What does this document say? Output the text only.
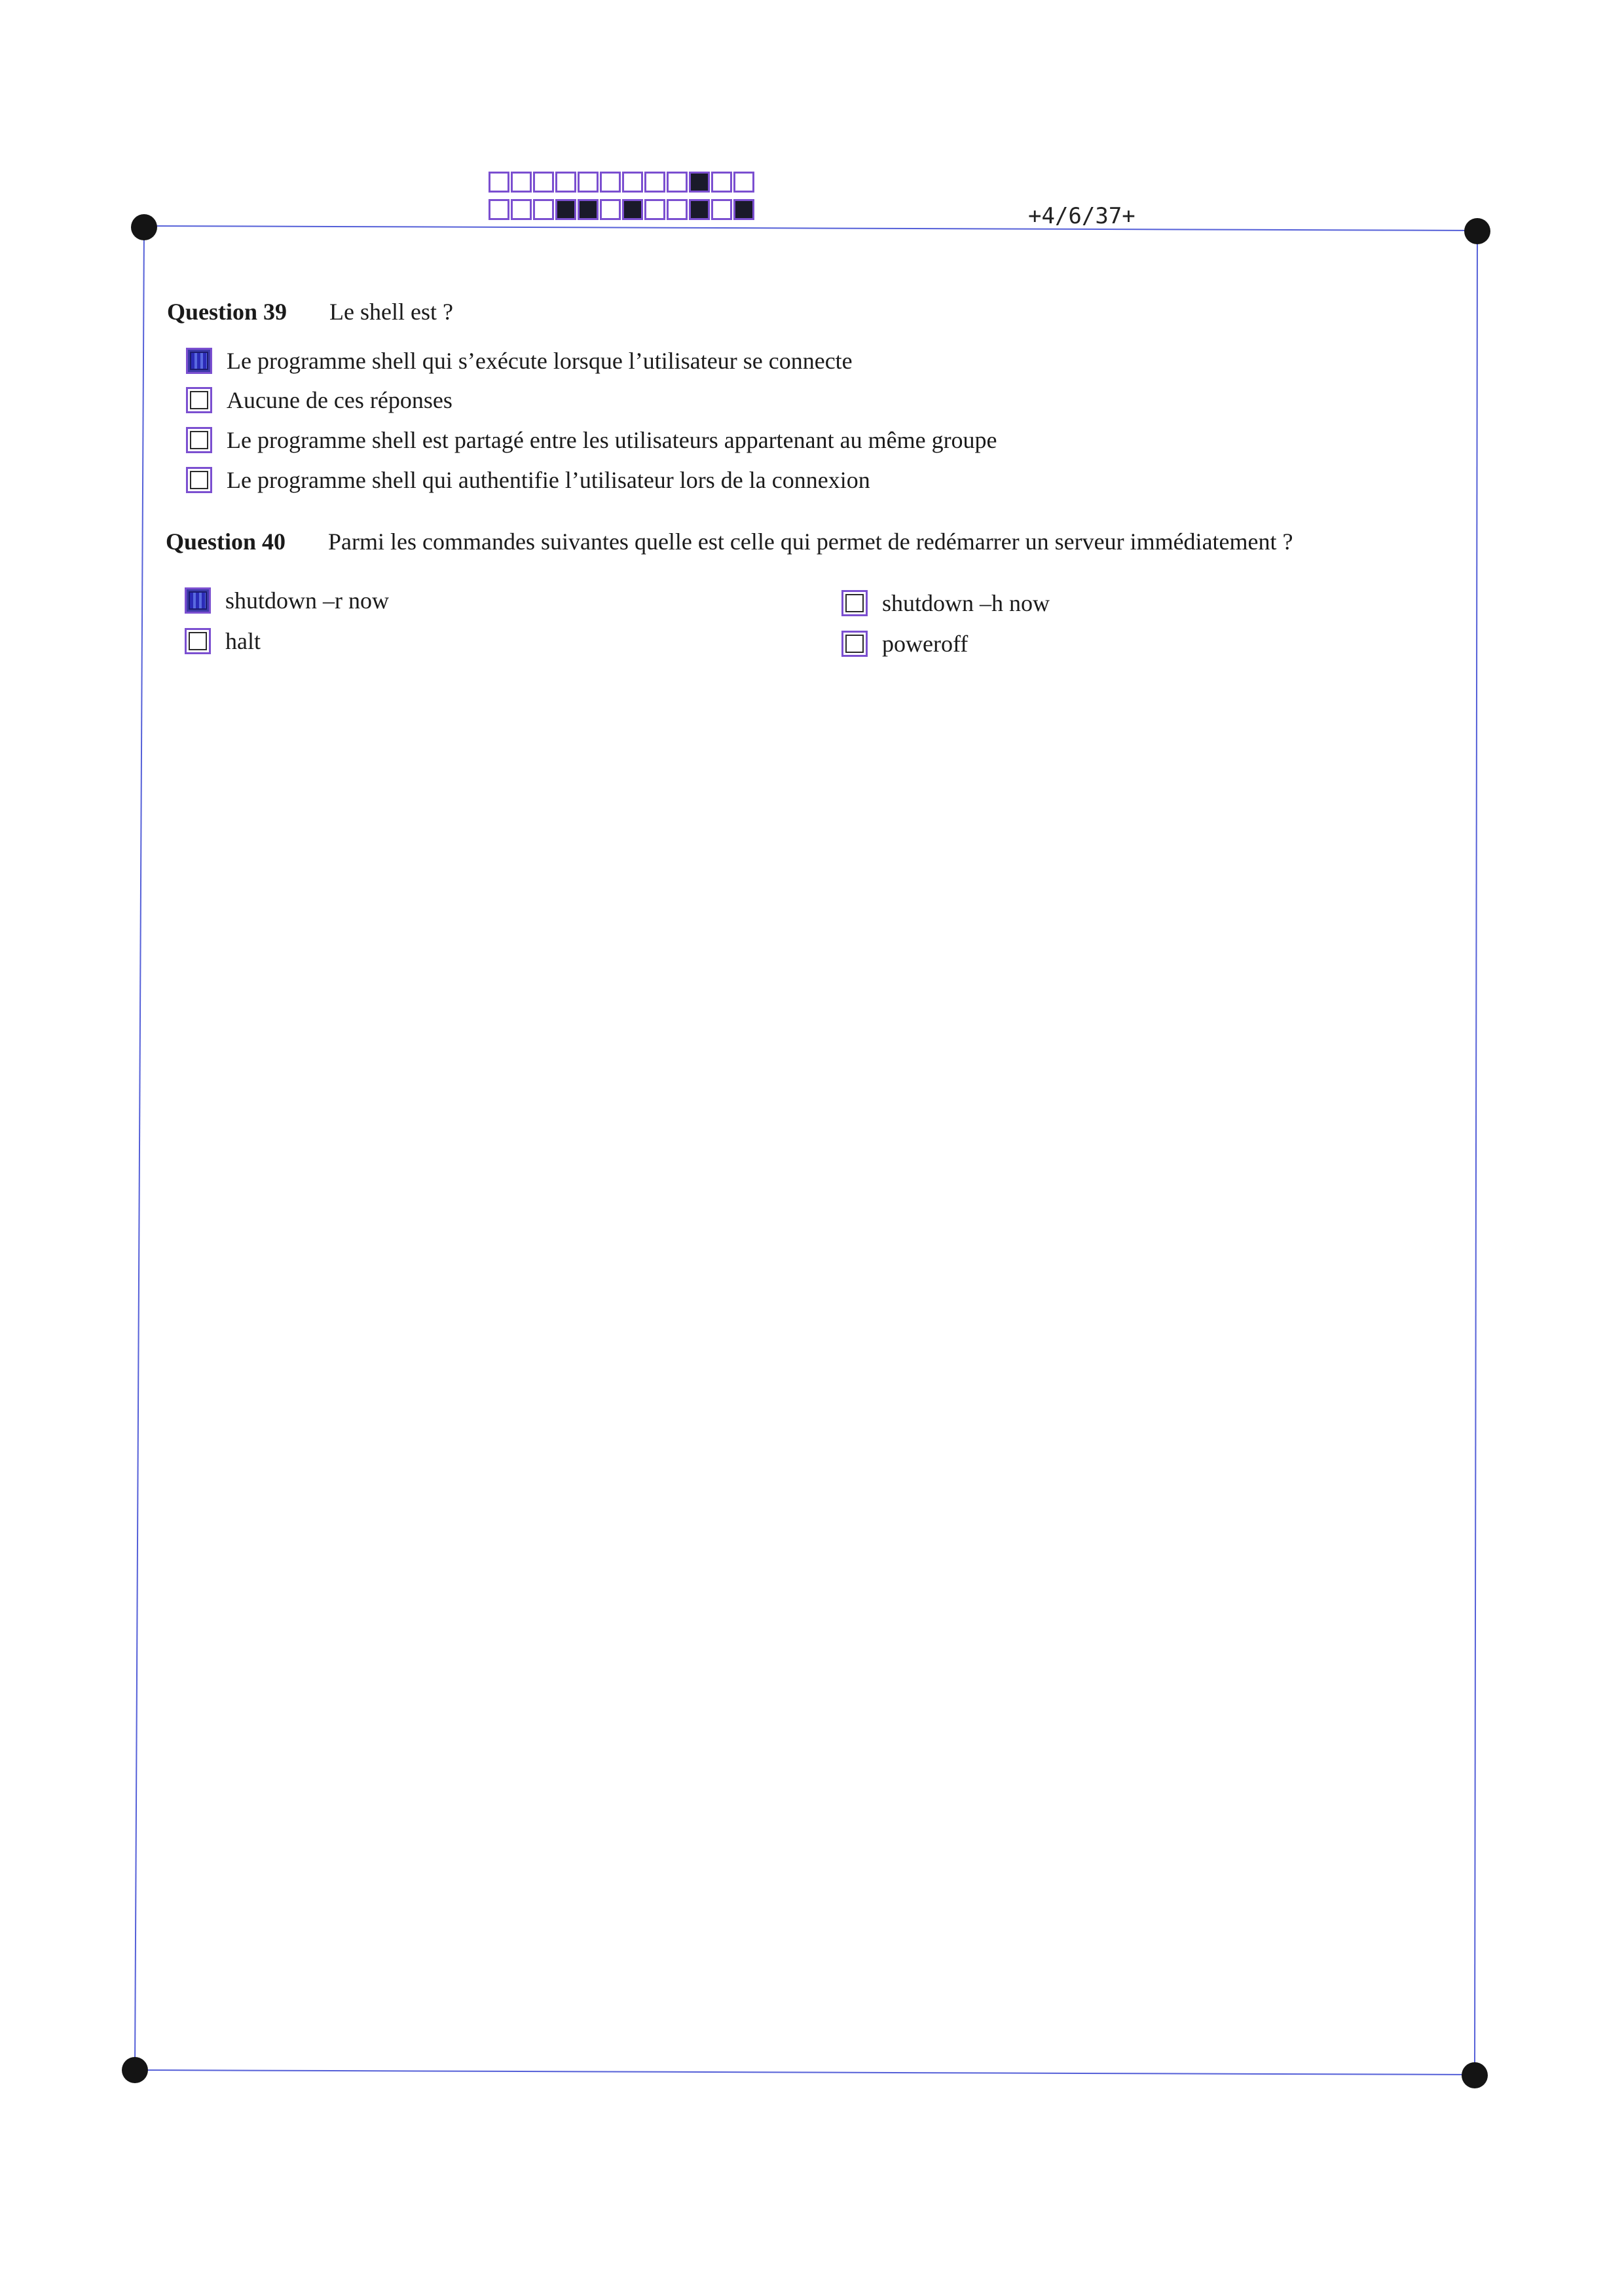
+4/6/37+
Question 39 Le shell est ?
Le programme shell qui s’exécute lorsque l’utilisateur se connecte
Aucune de ces réponses
Le programme shell est partagé entre les utilisateurs appartenant au même groupe
Le programme shell qui authentifie l’utilisateur lors de la connexion
Question 40 Parmi les commandes suivantes quelle est celle qui permet de redémarrer un serveur immédiatement ?
shutdown –r now
halt
shutdown –h now
poweroff
